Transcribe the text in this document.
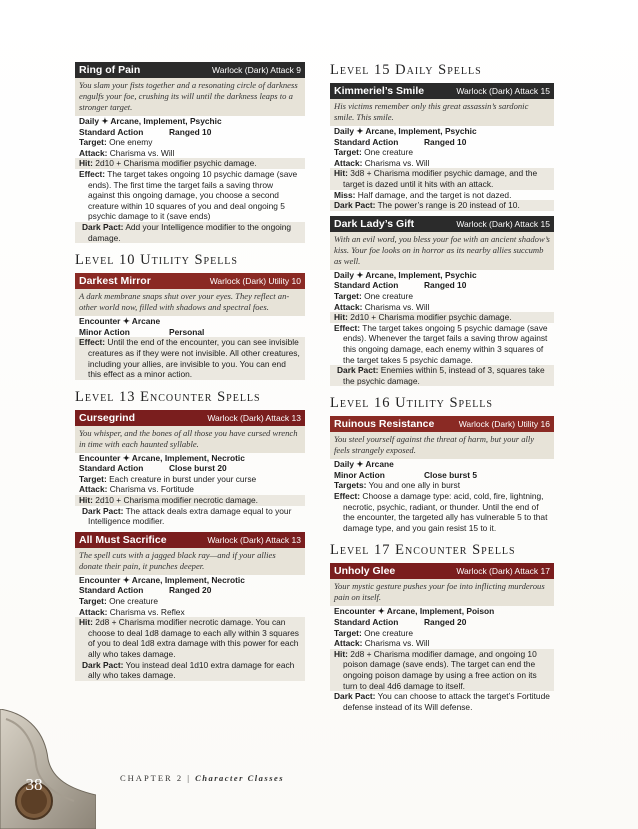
Ring of Pain	Warlock (Dark) Attack 9
You slam your fists together and a resonating circle of darkness engulfs your foe, crushing its will until the darkness leaps to a stronger target.
Daily ✦ Arcane, Implement, Psychic
Standard Action	Ranged 10
Target: One enemy
Attack: Charisma vs. Will
Hit: 2d10 + Charisma modifier psychic damage.
Effect: The target takes ongoing 10 psychic damage (save ends). The first time the target fails a saving throw against this ongoing damage, you choose a second creature within 10 squares of you and deal ongoing 5 psychic damage to it (save ends)
Dark Pact: Add your Intelligence modifier to the ongoing damage.
Level 10 Utility Spells
Darkest Mirror	Warlock (Dark) Utility 10
A dark membrane snaps shut over your eyes. They reflect an-other world now, filled with shadows and spectral foes.
Encounter ✦ Arcane
Minor Action	Personal
Effect: Until the end of the encounter, you can see invisible creatures as if they were not invisible. All other creatures, including your allies, are invisible to you. You can end this effect as a minor action.
Level 13 Encounter Spells
Cursegrind	Warlock (Dark) Attack 13
You whisper, and the bones of all those you have cursed wrench in time with each haunted syllable.
Encounter ✦ Arcane, Implement, Necrotic
Standard Action	Close burst 20
Target: Each creature in burst under your curse
Attack: Charisma vs. Fortitude
Hit: 2d10 + Charisma modifier necrotic damage.
Dark Pact: The attack deals extra damage equal to your Intelligence modifier.
All Must Sacrifice	Warlock (Dark) Attack 13
The spell cuts with a jagged black ray—and if your allies donate their pain, it punches deeper.
Encounter ✦ Arcane, Implement, Necrotic
Standard Action	Ranged 20
Target: One creature
Attack: Charisma vs. Reflex
Hit: 2d8 + Charisma modifier necrotic damage. You can choose to deal 1d8 damage to each ally within 3 squares of you to deal 1d8 extra damage with this power for each ally who takes damage.
Dark Pact: You instead deal 1d10 extra damage for each ally who takes damage.
Level 15 Daily Spells
Kimmeriel’s Smile	Warlock (Dark) Attack 15
His victims remember only this great assassin’s sardonic smile. This smile.
Daily ✦ Arcane, Implement, Psychic
Standard Action	Ranged 10
Target: One creature
Attack: Charisma vs. Will
Hit: 3d8 + Charisma modifier psychic damage, and the target is dazed until it hits with an attack.
Miss: Half damage, and the target is not dazed.
Dark Pact: The power’s range is 20 instead of 10.
Dark Lady’s Gift	Warlock (Dark) Attack 15
With an evil word, you bless your foe with an ancient shadow’s kiss. Your foe looks on in horror as its nearby allies succumb as well.
Daily ✦ Arcane, Implement, Psychic
Standard Action	Ranged 10
Target: One creature
Attack: Charisma vs. Will
Hit: 2d10 + Charisma modifier psychic damage.
Effect: The target takes ongoing 5 psychic damage (save ends). Whenever the target fails a saving throw against this ongoing damage, each enemy within 3 squares of the target takes 5 psychic damage.
Dark Pact: Enemies within 5, instead of 3, squares take the psychic damage.
Level 16 Utility Spells
Ruinous Resistance	Warlock (Dark) Utility 16
You steel yourself against the threat of harm, but your ally feels strangely exposed.
Daily ✦ Arcane
Minor Action	Close burst 5
Targets: You and one ally in burst
Effect: Choose a damage type: acid, cold, fire, lightning, necrotic, psychic, radiant, or thunder. Until the end of the encounter, the targeted ally has vulnerable 5 to that damage type, and you gain resist 15 to it.
Level 17 Encounter Spells
Unholy Glee	Warlock (Dark) Attack 17
Your mystic gesture pushes your foe into inflicting murderous pain on itself.
Encounter ✦ Arcane, Implement, Poison
Standard Action	Ranged 20
Target: One creature
Attack: Charisma vs. Will
Hit: 2d8 + Charisma modifier damage, and ongoing 10 poison damage (save ends). The target can end the ongoing poison damage by using a free action on its turn to deal 4d6 damage to itself.
Dark Pact: You can choose to attack the target’s Fortitude defense instead of its Will defense.
38	CHAPTER 2 | Character Classes
